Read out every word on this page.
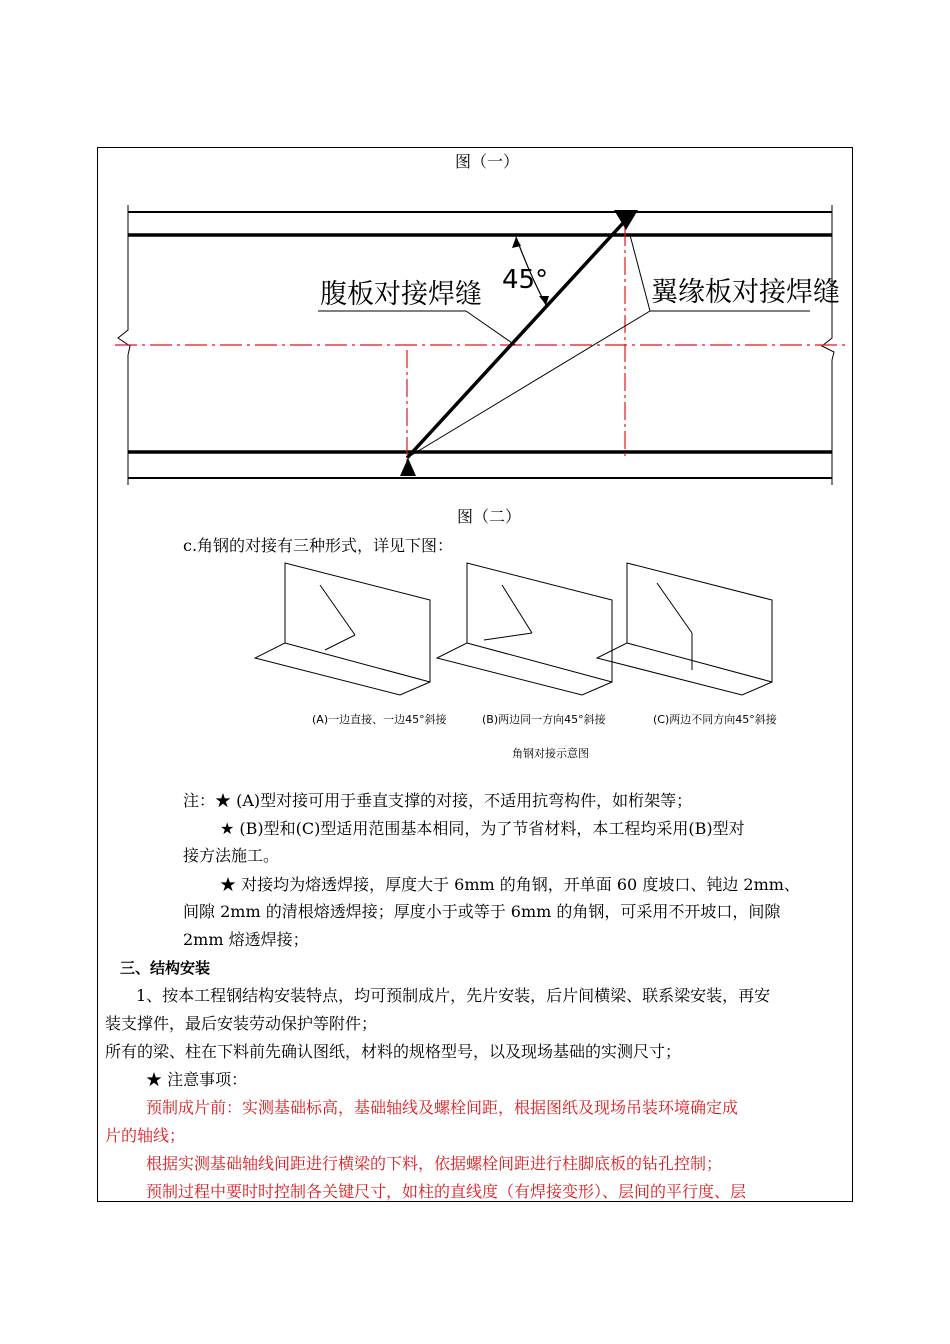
图（一）
45°
腹板对接焊缝	翼缘板对接焊缝
图（二）
c.角钢的对接有三种形式，详见下图：
(A)一边直接、一边45°斜接	(B)两边同一方向45°斜接	(C)两边不同方向45°斜接
角钢对接示意图
注：★ (A)型对接可用于垂直支撑的对接，不适用抗弯构件，如桁架等；
★ (B)型和(C)型适用范围基本相同，为了节省材料，本工程均采用(B)型对
接方法施工。
★ 对接均为熔透焊接，厚度大于 6mm 的角钢，开单面 60 度坡口、钝边 2mm、
间隙 2mm 的清根熔透焊接；厚度小于或等于 6mm 的角钢，可采用不开坡口，间隙
2mm 熔透焊接；
三、结构安装
1、按本工程钢结构安装特点，均可预制成片，先片安装，后片间横梁、联系梁安装，再安
装支撑件，最后安装劳动保护等附件；
所有的梁、柱在下料前先确认图纸，材料的规格型号，以及现场基础的实测尺寸；
★ 注意事项：
预制成片前：实测基础标高，基础轴线及螺栓间距，根据图纸及现场吊装环境确定成
片的轴线；
根据实测基础轴线间距进行横梁的下料，依据螺栓间距进行柱脚底板的钻孔控制；
预制过程中要时时控制各关键尺寸，如柱的直线度（有焊接变形）、层间的平行度、层
